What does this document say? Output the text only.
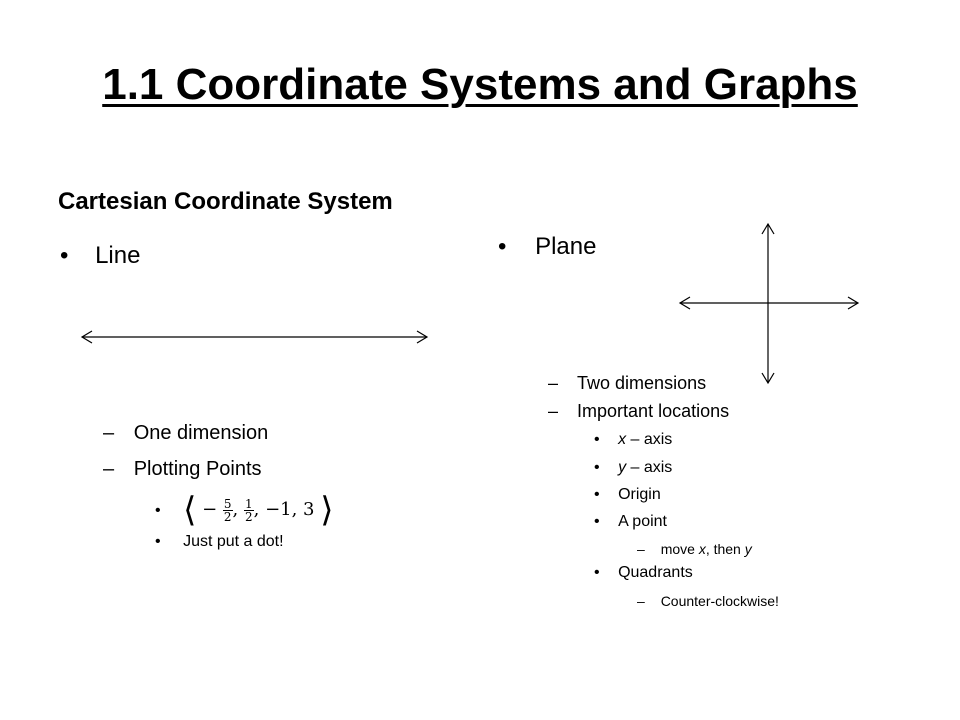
1.1 Coordinate Systems and Graphs
Cartesian Coordinate System
• Line
– One dimension
– Plotting Points
• ⟨ − $\frac{5}{2}$ , $\frac{1}{2}$ , −1, 3 ⟩
• Just put a dot!
• Plane
– Two dimensions
– Important locations
• x – axis
• y – axis
• Origin
• A point
– move x, then y
• Quadrants
– Counter-clockwise!
